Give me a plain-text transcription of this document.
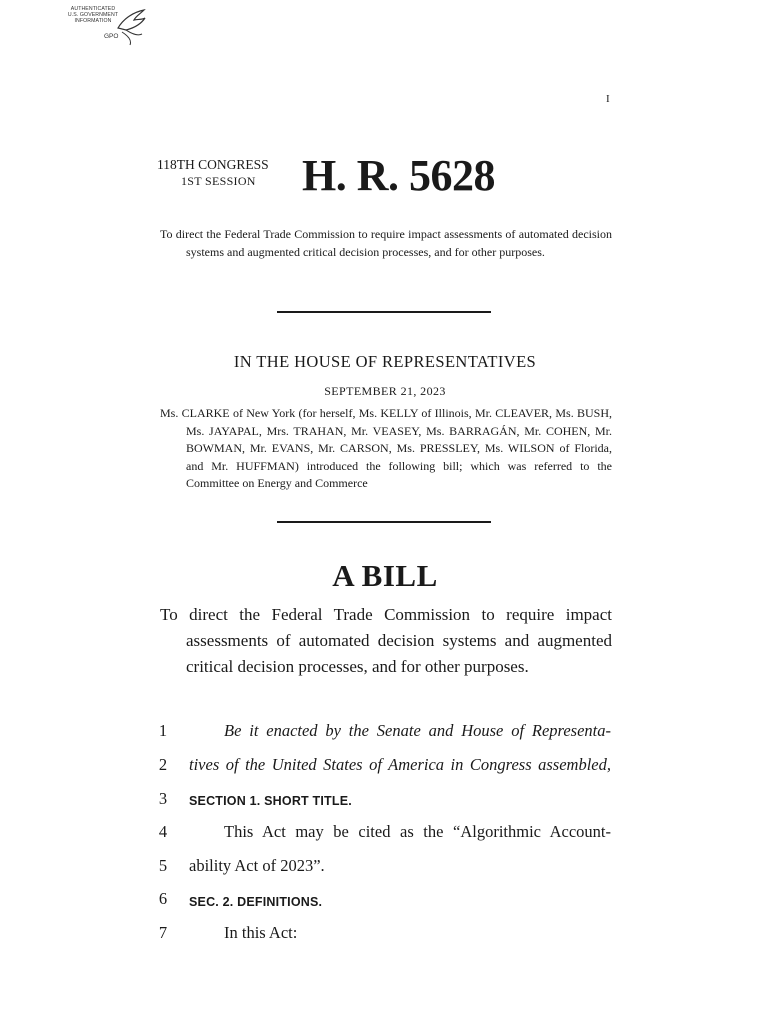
AUTHENTICATED
U.S. GOVERNMENT
INFORMATION
GPO
I
118TH CONGRESS
1ST SESSION H. R. 5628
To direct the Federal Trade Commission to require impact assessments of automated decision systems and augmented critical decision processes, and for other purposes.
IN THE HOUSE OF REPRESENTATIVES
SEPTEMBER 21, 2023
Ms. CLARKE of New York (for herself, Ms. KELLY of Illinois, Mr. CLEAVER, Ms. BUSH, Ms. JAYAPAL, Mrs. TRAHAN, Mr. VEASEY, Ms. BARRAGÁN, Mr. COHEN, Mr. BOWMAN, Mr. EVANS, Mr. CARSON, Ms. PRESSLEY, Ms. WILSON of Florida, and Mr. HUFFMAN) introduced the following bill; which was referred to the Committee on Energy and Commerce
A BILL
To direct the Federal Trade Commission to require impact assessments of automated decision systems and augmented critical decision processes, and for other purposes.
1	Be it enacted by the Senate and House of Representa-
2	tives of the United States of America in Congress assembled,
3	SECTION 1. SHORT TITLE.
4	This Act may be cited as the “Algorithmic Account-
5	ability Act of 2023”.
6	SEC. 2. DEFINITIONS.
7	In this Act:
